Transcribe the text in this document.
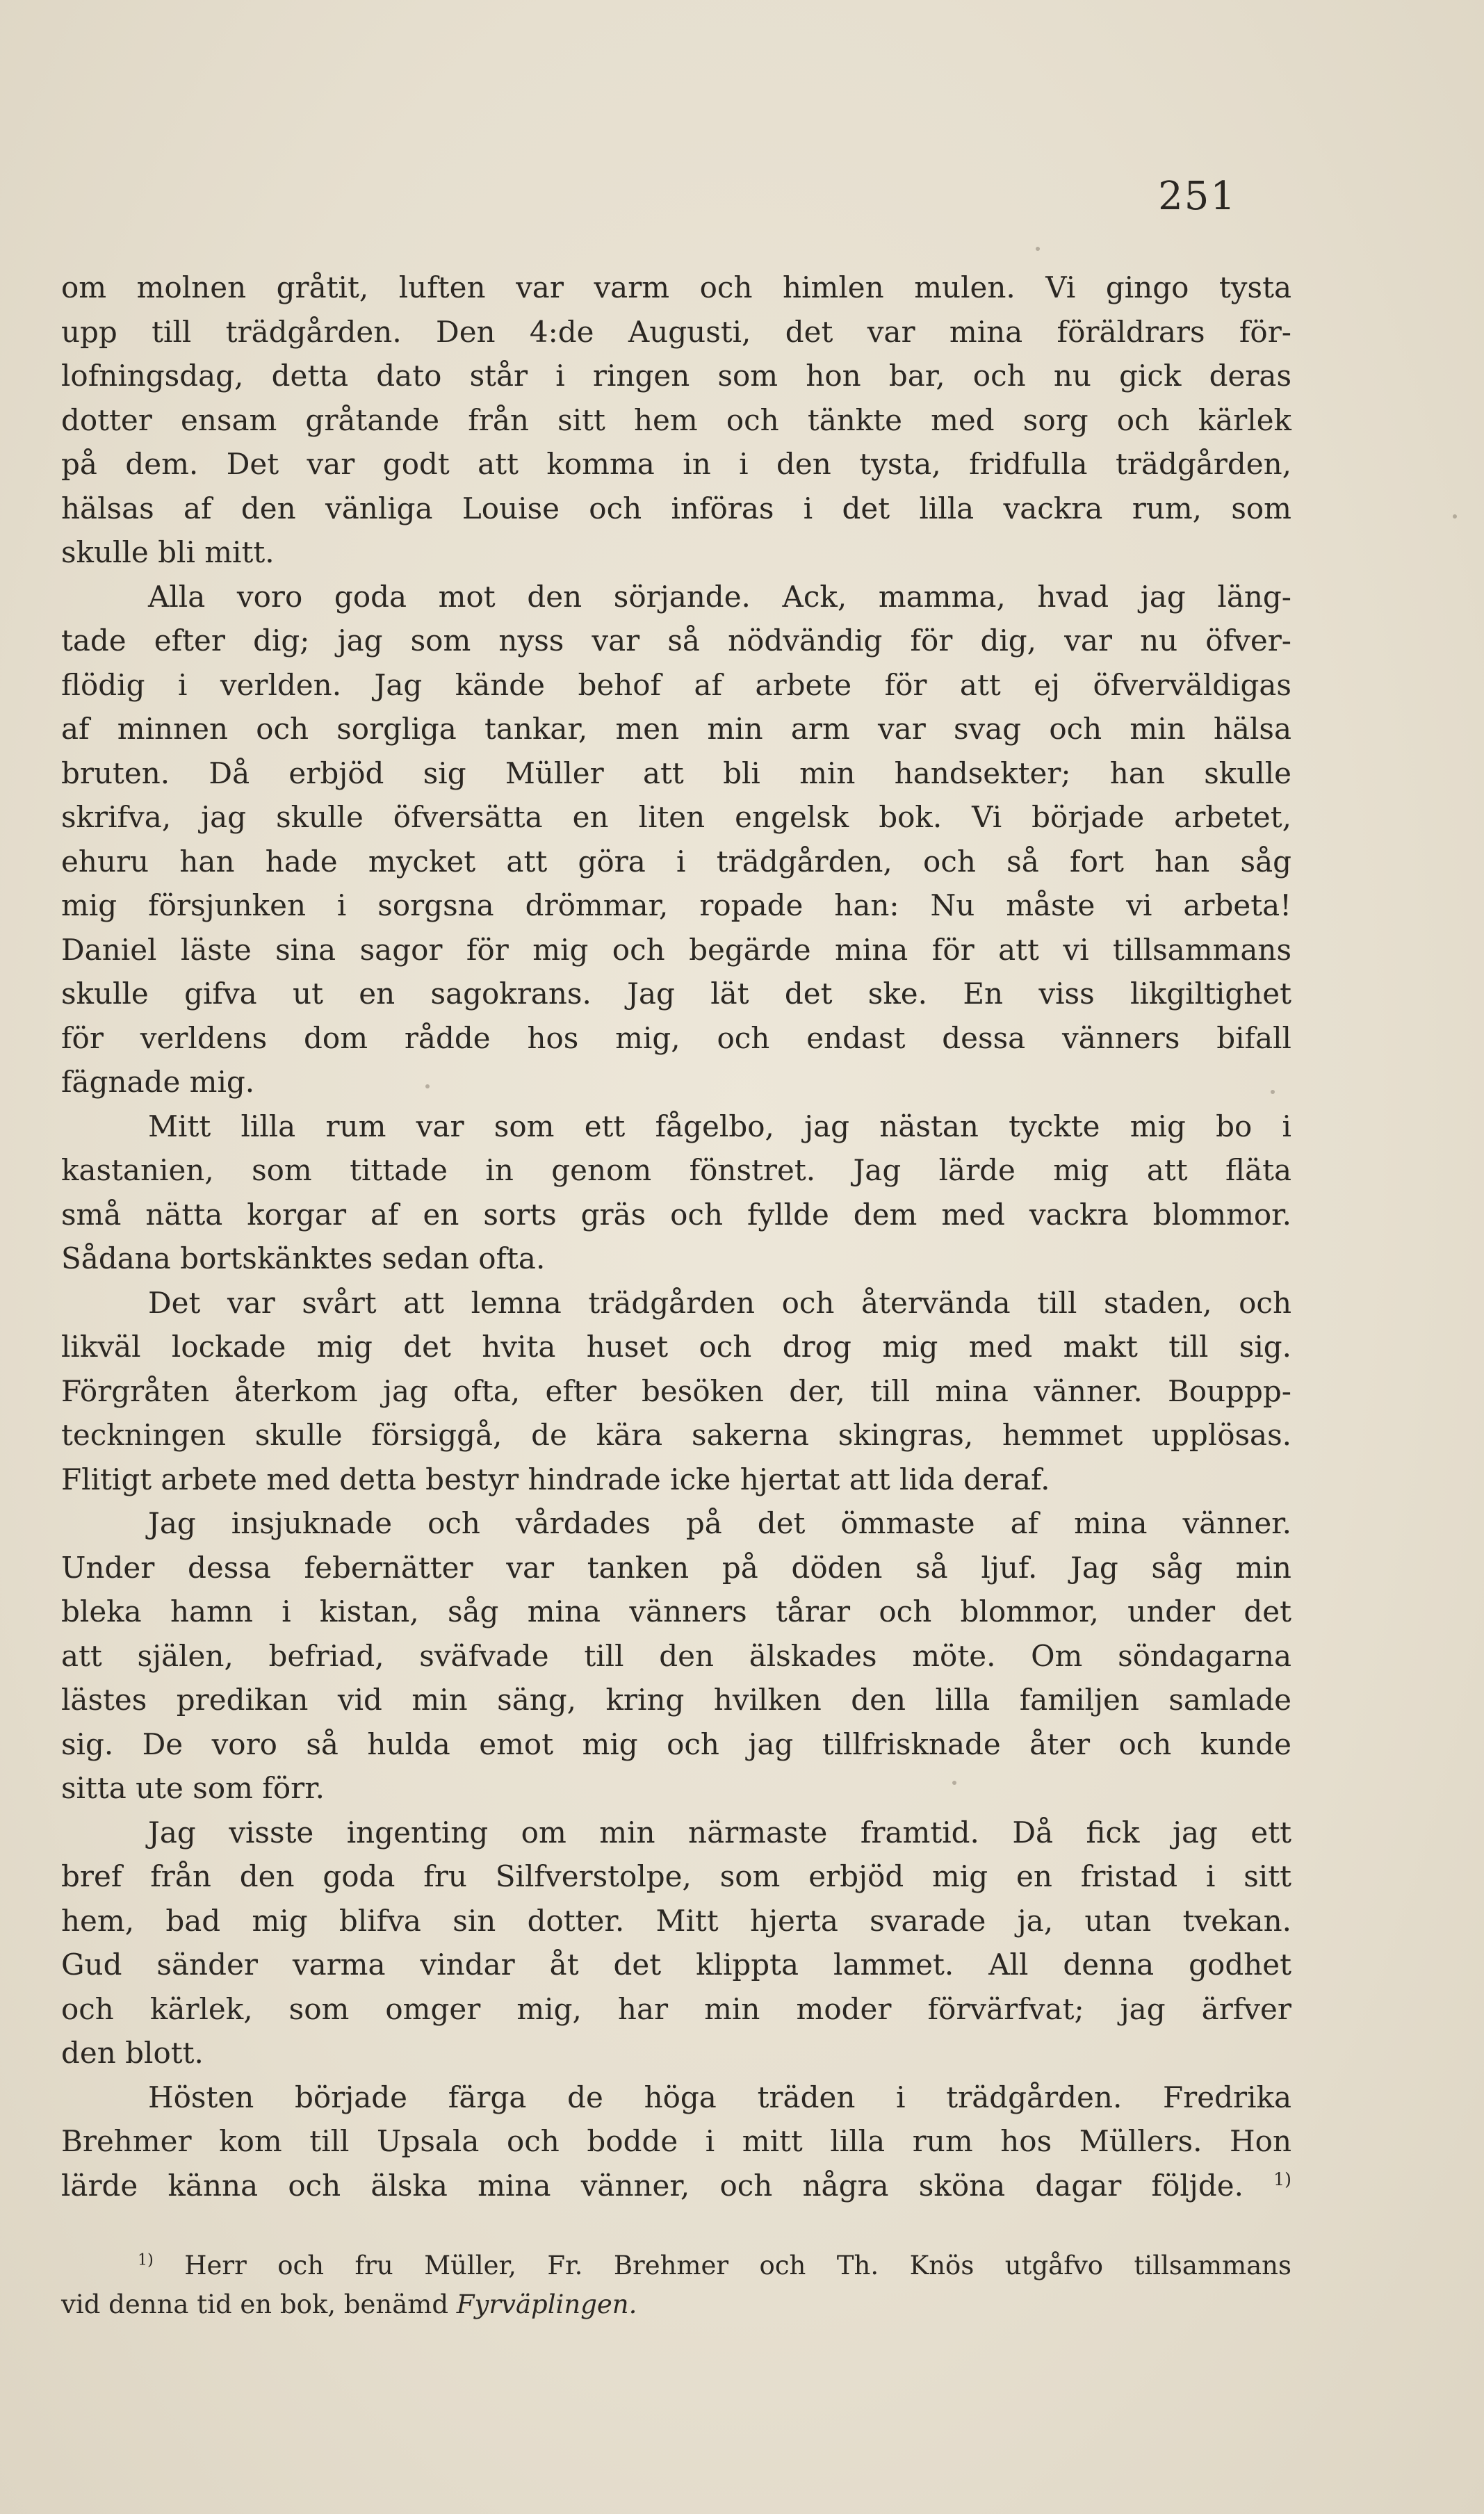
251
om molnen gråtit, luften var varm och himlen mulen. Vi gingo tysta
upp till trädgården. Den 4:de Augusti, det var mina föräldrars för-
lofningsdag, detta dato står i ringen som hon bar, och nu gick deras
dotter ensam gråtande från sitt hem och tänkte med sorg och kärlek
på dem. Det var godt att komma in i den tysta, fridfulla trädgården,
hälsas af den vänliga Louise och införas i det lilla vackra rum, som
skulle bli mitt.
Alla voro goda mot den sörjande. Ack, mamma, hvad jag läng-
tade efter dig; jag som nyss var så nödvändig för dig, var nu öfver-
flödig i verlden. Jag kände behof af arbete för att ej öfverväldigas
af minnen och sorgliga tankar, men min arm var svag och min hälsa
bruten. Då erbjöd sig Müller att bli min handsekter; han skulle
skrifva, jag skulle öfversätta en liten engelsk bok. Vi började arbetet,
ehuru han hade mycket att göra i trädgården, och så fort han såg
mig försjunken i sorgsna drömmar, ropade han: Nu måste vi arbeta!
Daniel läste sina sagor för mig och begärde mina för att vi tillsammans
skulle gifva ut en sagokrans. Jag lät det ske. En viss likgiltighet
för verldens dom rådde hos mig, och endast dessa vänners bifall
fägnade mig.
Mitt lilla rum var som ett fågelbo, jag nästan tyckte mig bo i
kastanien, som tittade in genom fönstret. Jag lärde mig att fläta
små nätta korgar af en sorts gräs och fyllde dem med vackra blommor.
Sådana bortskänktes sedan ofta.
Det var svårt att lemna trädgården och återvända till staden, och
likväl lockade mig det hvita huset och drog mig med makt till sig.
Förgråten återkom jag ofta, efter besöken der, till mina vänner. Bouppp-
teckningen skulle försiggå, de kära sakerna skingras, hemmet upplösas.
Flitigt arbete med detta bestyr hindrade icke hjertat att lida deraf.
Jag insjuknade och vårdades på det ömmaste af mina vänner.
Under dessa febernätter var tanken på döden så ljuf. Jag såg min
bleka hamn i kistan, såg mina vänners tårar och blommor, under det
att själen, befriad, sväfvade till den älskades möte. Om söndagarna
lästes predikan vid min säng, kring hvilken den lilla familjen samlade
sig. De voro så hulda emot mig och jag tillfrisknade åter och kunde
sitta ute som förr.
Jag visste ingenting om min närmaste framtid. Då fick jag ett
bref från den goda fru Silfverstolpe, som erbjöd mig en fristad i sitt
hem, bad mig blifva sin dotter. Mitt hjerta svarade ja, utan tvekan.
Gud sänder varma vindar åt det klippta lammet. All denna godhet
och kärlek, som omger mig, har min moder förvärfvat; jag ärfver
den blott.
Hösten började färga de höga träden i trädgården. Fredrika
Brehmer kom till Upsala och bodde i mitt lilla rum hos Müllers. Hon
lärde känna och älska mina vänner, och några sköna dagar följde. $^{1)}$
$^{1)}$ Herr och fru Müller, Fr. Brehmer och Th. Knös utgåfvo tillsammans
vid denna tid en bok, benämd Fyrväplingen.
